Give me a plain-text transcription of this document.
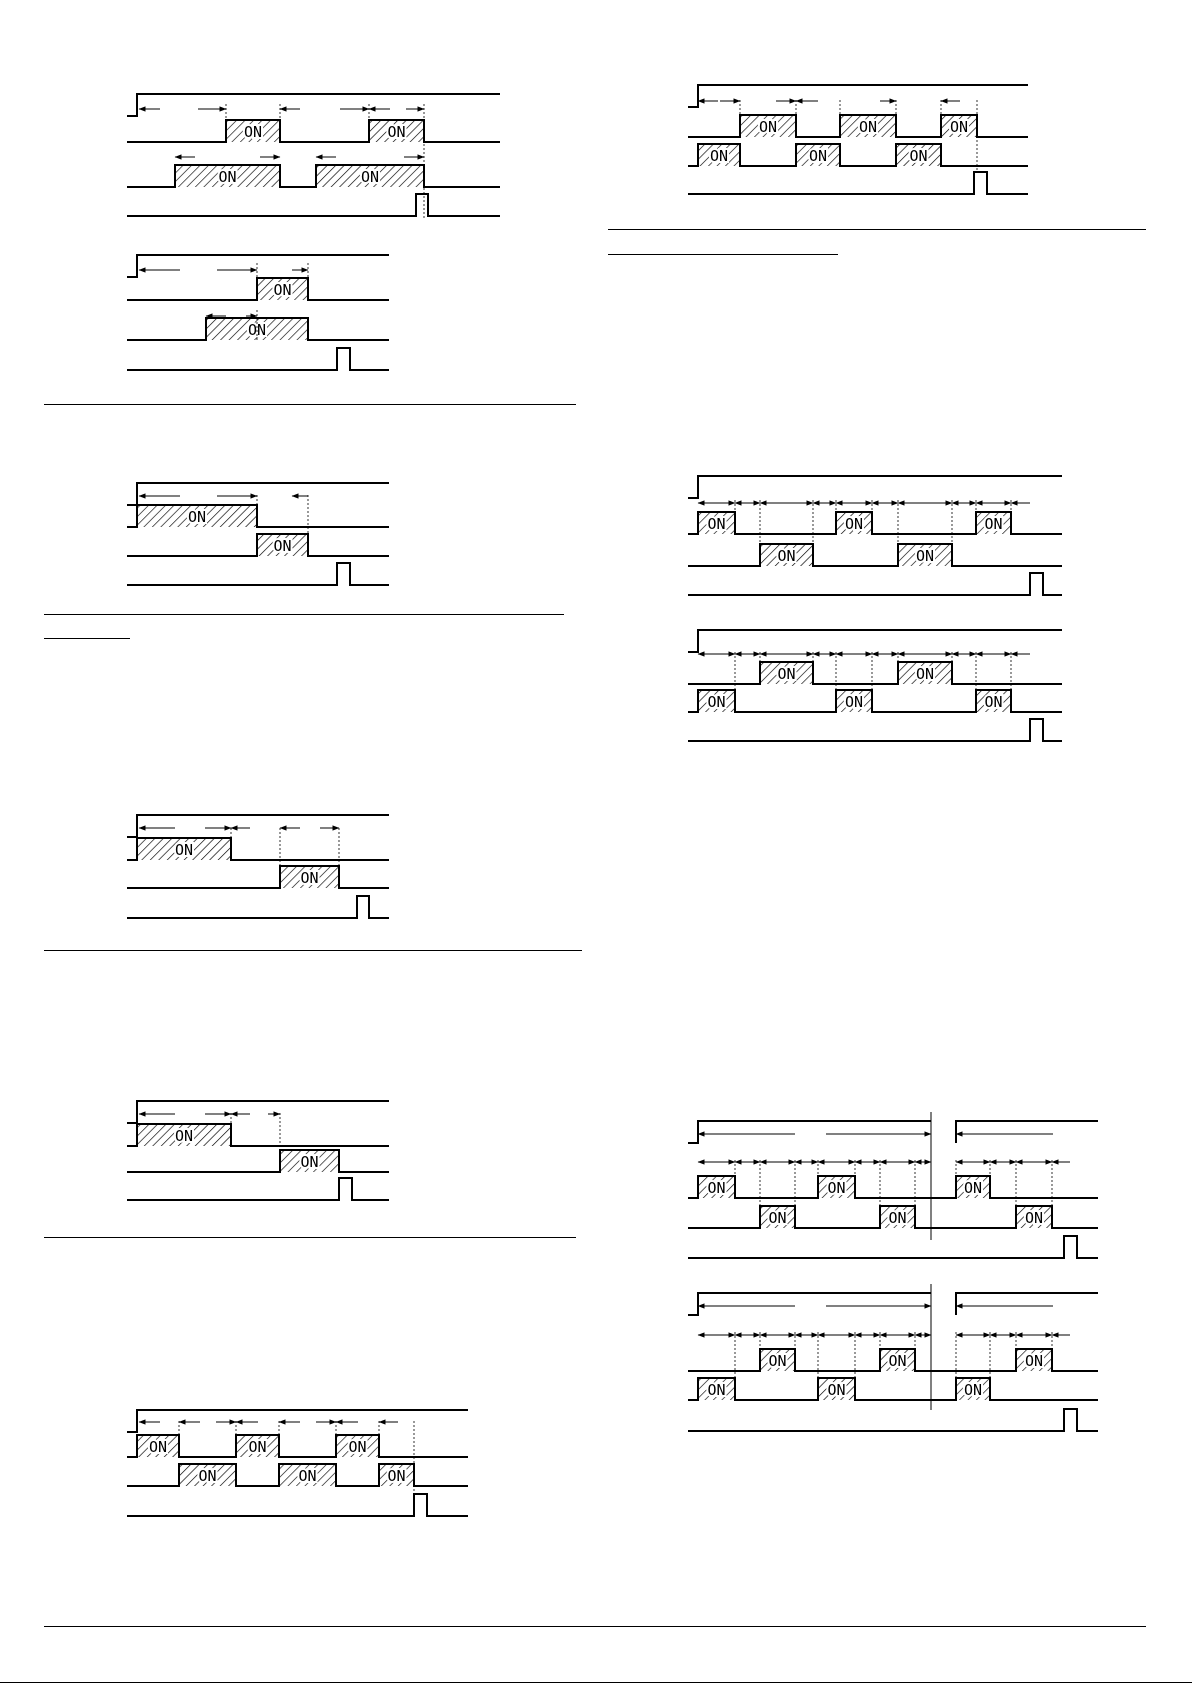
ON	ON
ON	ON
ON
ON
ON
ON
ON
ON
ON
ON
ON	ON	ON
ON	ON	ON
ON	ON	ON
ON	ON	ON
ON	ON	ON
ON	ON
ON	ON
ON	ON	ON
ON	ON	ON
ON	ON	ON
ON	ON	ON
ON	ON	ON
